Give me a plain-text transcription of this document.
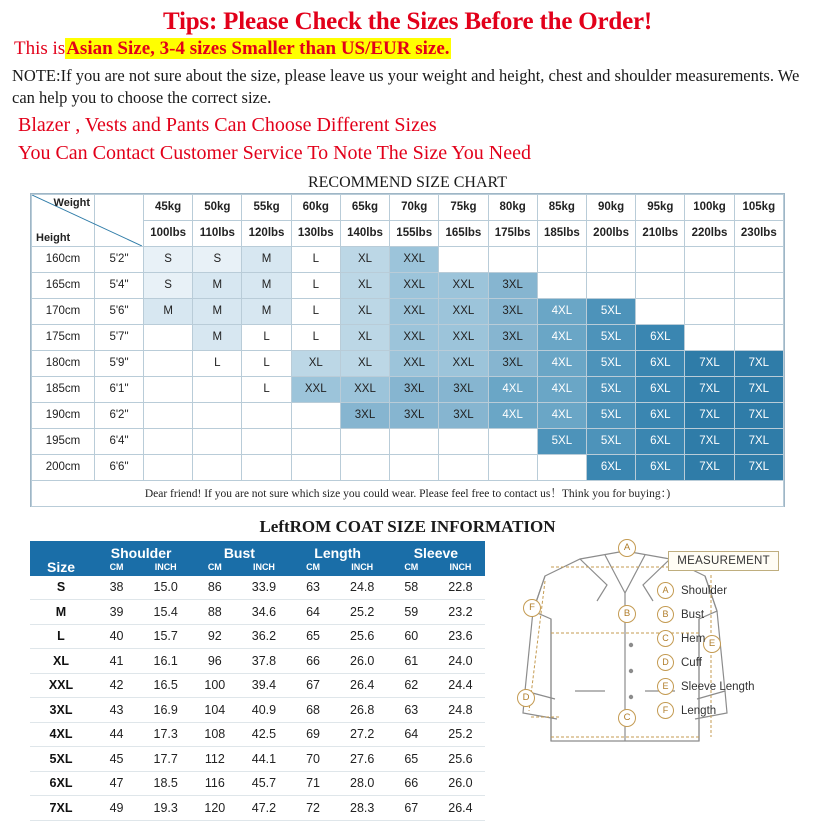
Tips: Please Check the Sizes Before the Order!
This isAsian Size, 3-4 sizes Smaller than US/EUR size.
NOTE:If you are not sure about the size, please leave us your weight and height, chest and shoulder measurements. We can help you to choose the correct size.
Blazer , Vests and Pants Can Choose Different Sizes
You Can Contact Customer Service To Note The Size You Need
RECOMMEND SIZE CHART
Weight
Height		45kg	50kg	55kg	60kg	65kg	70kg	75kg	80kg	85kg	90kg	95kg	100kg	105kg
		100lbs	110lbs	120lbs	130lbs	140lbs	155lbs	165lbs	175lbs	185lbs	200lbs	210lbs	220lbs	230lbs
160cm	5'2"	S	S	M	L	XL	XXL							
165cm	5'4"	S	M	M	L	XL	XXL	XXL	3XL					
170cm	5'6"	M	M	M	L	XL	XXL	XXL	3XL	4XL	5XL			
175cm	5'7"		M	L	L	XL	XXL	XXL	3XL	4XL	5XL	6XL		
180cm	5'9"		L	L	XL	XL	XXL	XXL	3XL	4XL	5XL	6XL	7XL	7XL
185cm	6'1"			L	XXL	XXL	3XL	3XL	4XL	4XL	5XL	6XL	7XL	7XL
190cm	6'2"					3XL	3XL	3XL	4XL	4XL	5XL	6XL	7XL	7XL
195cm	6'4"									5XL	5XL	6XL	7XL	7XL
200cm	6'6"										6XL	6XL	7XL	7XL
Dear friend! If you are not sure which size you could wear. Please feel free to contact us！Think you for buying：)														
LeftROM COAT SIZE INFORMATION
Size	Shoulder		Bust		Length		Sleeve	
	CM	INCH	CM	INCH	CM	INCH	CM	INCH
S	38	15.0	86	33.9	63	24.8	58	22.8
M	39	15.4	88	34.6	64	25.2	59	23.2
L	40	15.7	92	36.2	65	25.6	60	23.6
XL	41	16.1	96	37.8	66	26.0	61	24.0
XXL	42	16.5	100	39.4	67	26.4	62	24.4
3XL	43	16.9	104	40.9	68	26.8	63	24.8
4XL	44	17.3	108	42.5	69	27.2	64	25.2
5XL	45	17.7	112	44.1	70	27.6	65	25.6
6XL	47	18.5	116	45.7	71	28.0	66	26.0
7XL	49	19.3	120	47.2	72	28.3	67	26.4
A
B
C
D
E
F
MEASUREMENT
A	Shoulder
B	Bust
C	Hem
D	Cuff
E	Sleeve Length
F	Length
